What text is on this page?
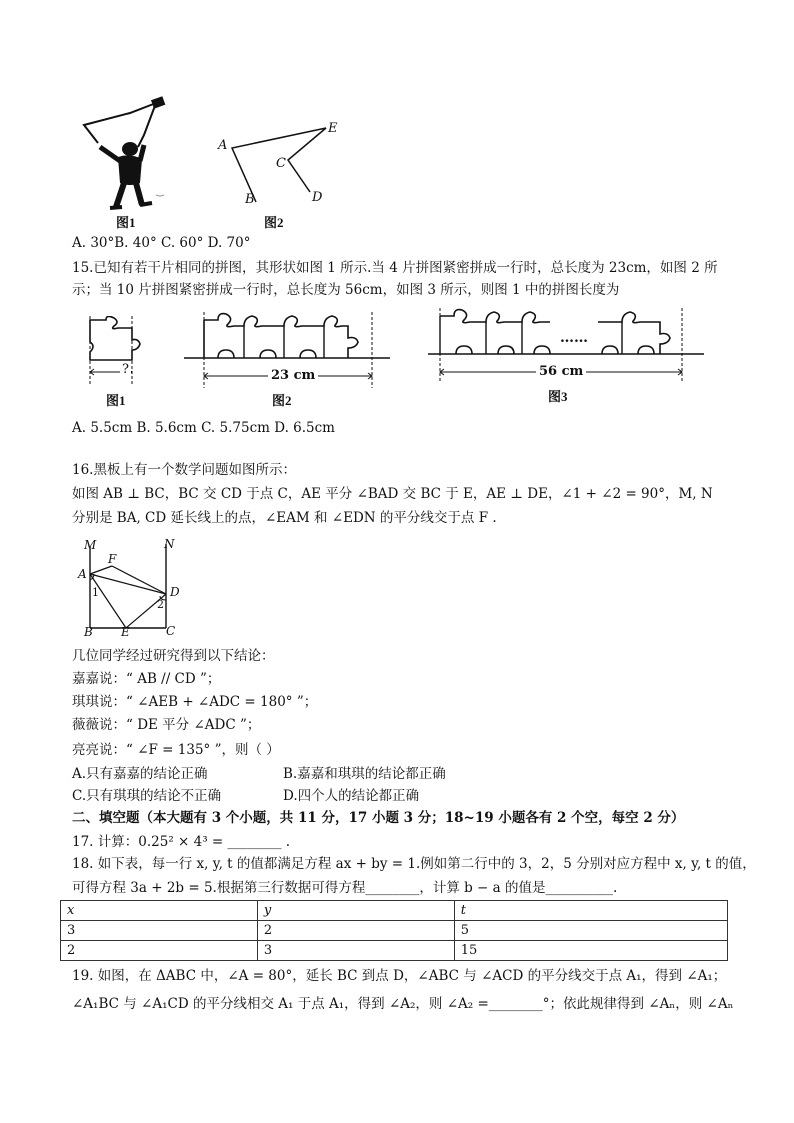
图1
A
B
C
D
E
图2
A. 30°B. 40° C. 60° D. 70°
15.已知有若干片相同的拼图，其形状如图 1 所示.当 4 片拼图紧密拼成一行时，总长度为 23cm，如图 2 所
示；当 10 片拼图紧密拼成一行时，总长度为 56cm，如图 3 所示，则图 1 中的拼图长度为
?
图1
23 cm
图2
……
56 cm
图3
A. 5.5cm B. 5.6cm C. 5.75cm D. 6.5cm
16.黑板上有一个数学问题如图所示：
如图 AB ⊥ BC，BC 交 CD 于点 C，AE 平分 ∠BAD 交 BC 于 E，AE ⊥ DE，∠1 + ∠2 = 90°，M, N
分别是 BA, CD 延长线上的点，∠EAM 和 ∠EDN 的平分线交于点 F .
M	N
F
A
D
1
2
B E	C
几位同学经过研究得到以下结论：
嘉嘉说：“ AB // CD ”；
琪琪说：“ ∠AEB + ∠ADC = 180° ”；
薇薇说：“ DE 平分 ∠ADC ”；
亮亮说：“ ∠F = 135° ”，则（ ）
A.只有嘉嘉的结论正确	B.嘉嘉和琪琪的结论都正确
C.只有琪琪的结论不正确	D.四个人的结论都正确
二、填空题（本大题有 3 个小题，共 11 分，17 小题 3 分；18~19 小题各有 2 个空，每空 2 分）
17. 计算：0.25² × 4³ = ________ .
18. 如下表，每一行 x, y, t 的值都满足方程 ax + by = 1.例如第二行中的 3，2，5 分别对应方程中 x, y, t 的值，
可得方程 3a + 2b = 5.根据第三行数据可得方程________，计算 b − a 的值是__________.
x	y	t
3	2	5
2	3	15
19. 如图，在 ΔABC 中，∠A = 80°，延长 BC 到点 D，∠ABC 与 ∠ACD 的平分线交于点 A₁，得到 ∠A₁；
∠A₁BC 与 ∠A₁CD 的平分线相交 A₁ 于点 A₁，得到 ∠A₂，则 ∠A₂ =________°；依此规律得到 ∠Aₙ，则 ∠Aₙ
